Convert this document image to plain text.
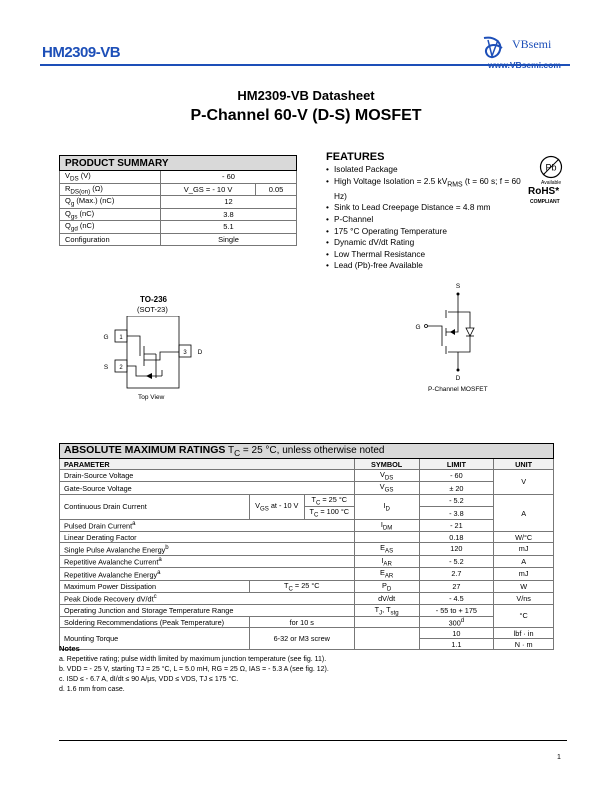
HM2309-VB	VBsemi
www.VBsemi.com
HM2309-VB Datasheet
P-Channel 60-V (D-S) MOSFET
PRODUCT SUMMARY		
$V_{DS}$ (V)	- 60	
$R_{DS(on)}$ (Ω)	V_GS = - 10 V	0.05
$Q_g$ (Max.) (nC)	12	
$Q_{gs}$ (nC)	3.8	
$Q_{gd}$ (nC)	5.1	
Configuration	Single	
FEATURES
• Isolated Package
• High Voltage Isolation = 2.5 $kV_{RMS}$ (t = 60 s; f = 60 Hz)
• Sink to Lead Creepage Distance = 4.8 mm
• P-Channel
• 175 °C Operating Temperature
• Dynamic dV/dt Rating
• Low Thermal Resistance
• Lead (Pb)-free Available
Pb
Available
RoHS*
COMPLIANT
TO-236
(SOT-23)
1
2
3
G
S
D
Top View
S
D
G
P-Channel MOSFET
ABSOLUTE MAXIMUM RATINGS $T_C = 25$ °C, unless otherwise noted					
PARAMETER			SYMBOL	LIMIT	UNIT
Drain-Source Voltage			$V_{DS}$	- 60	V
Gate-Source Voltage			$V_{GS}$	± 20	
Continuous Drain Current	$V_{GS}$ at - 10 V	$T_C = 25$ °C	$I_D$	- 5.2	A
		$T_C = 100$ °C		- 3.8	
Pulsed Drain Current$^a$			$I_{DM}$	- 21	
Linear Derating Factor				0.18	W/°C
Single Pulse Avalanche Energy$^b$			$E_{AS}$	120	mJ
Repetitive Avalanche Current$^a$			$I_{AR}$	- 5.2	A
Repetitive Avalanche Energy$^a$			$E_{AR}$	2.7	mJ
Maximum Power Dissipation	$T_C = 25$ °C		$P_D$	27	W
Peak Diode Recovery $dV/dt^c$			dV/dt	- 4.5	V/ns
Operating Junction and Storage Temperature Range			$T_J$, $T_{stg}$	- 55 to + 175	°C
Soldering Recommendations (Peak Temperature)	for 10 s			300$^d$
Mounting Torque	6-32 or M3 screw			10	lbf · in
				1.1	N · m
Notes
a. Repetitive rating; pulse width limited by maximum junction temperature (see fig. 11).
b. VDD = - 25 V, starting TJ = 25 °C, L = 5.0 mH, RG = 25 Ω, IAS = - 5.3 A (see fig. 12).
c. ISD ≤ - 6.7 A, dI/dt ≤ 90 A/μs, VDD ≤ VDS, TJ ≤ 175 °C.
d. 1.6 mm from case.
1
